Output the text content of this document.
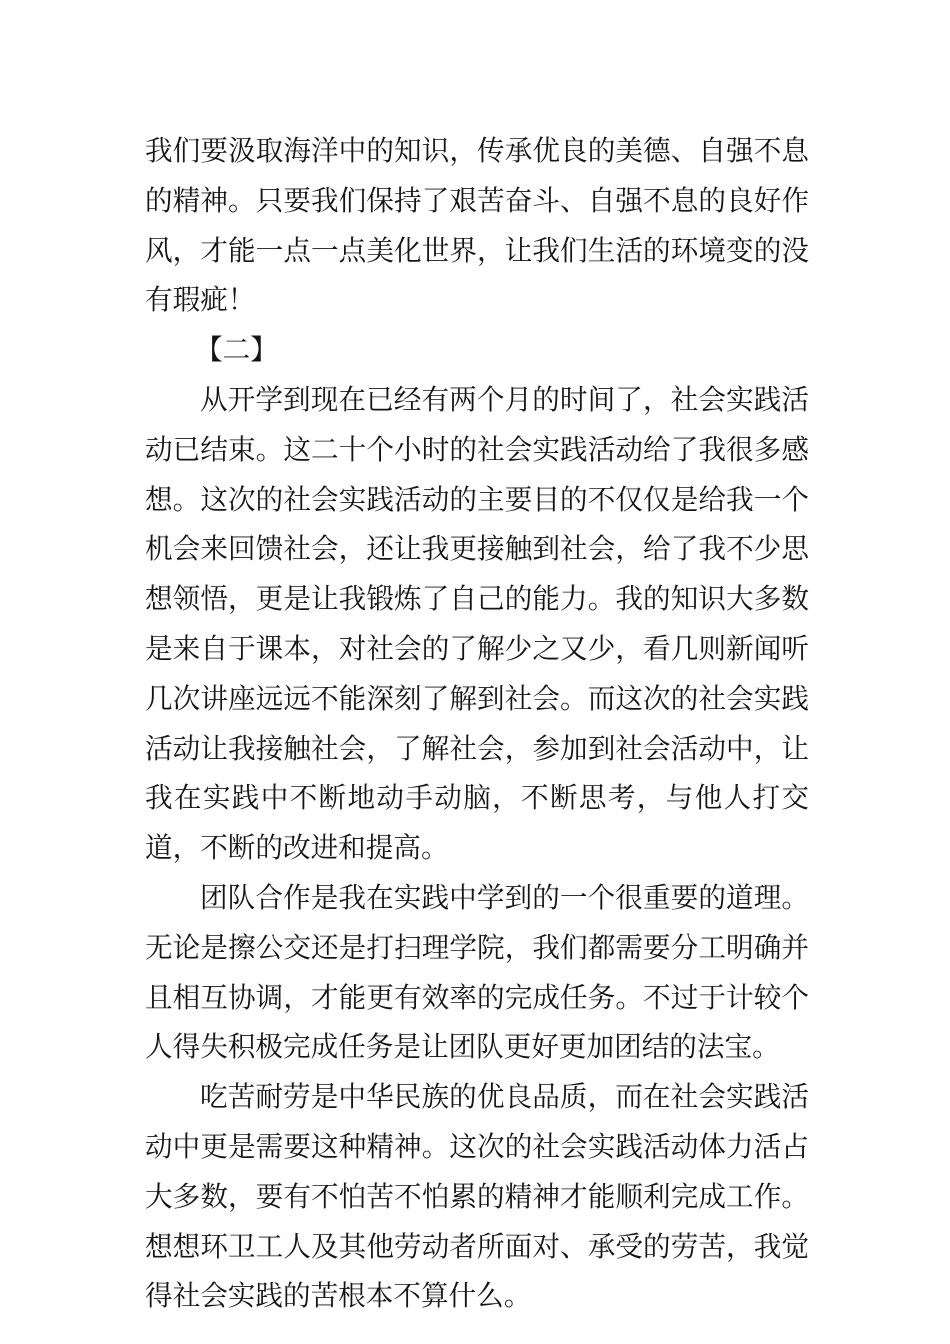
我们要汲取海洋中的知识，传承优良的美德、自强不息的精神。只要我们保持了艰苦奋斗、自强不息的良好作风，才能一点一点美化世界，让我们生活的环境变的没有瑕疵！

【二】

从开学到现在已经有两个月的时间了，社会实践活动已结束。这二十个小时的社会实践活动给了我很多感想。这次的社会实践活动的主要目的不仅仅是给我一个机会来回馈社会，还让我更接触到社会，给了我不少思想领悟，更是让我锻炼了自己的能力。我的知识大多数是来自于课本，对社会的了解少之又少，看几则新闻听几次讲座远远不能深刻了解到社会。而这次的社会实践活动让我接触社会，了解社会，参加到社会活动中，让我在实践中不断地动手动脑，不断思考，与他人打交道，不断的改进和提高。

团队合作是我在实践中学到的一个很重要的道理。无论是擦公交还是打扫理学院，我们都需要分工明确并且相互协调，才能更有效率的完成任务。不过于计较个人得失积极完成任务是让团队更好更加团结的法宝。

吃苦耐劳是中华民族的优良品质，而在社会实践活动中更是需要这种精神。这次的社会实践活动体力活占大多数，要有不怕苦不怕累的精神才能顺利完成工作。想想环卫工人及其他劳动者所面对、承受的劳苦，我觉得社会实践的苦根本不算什么。
